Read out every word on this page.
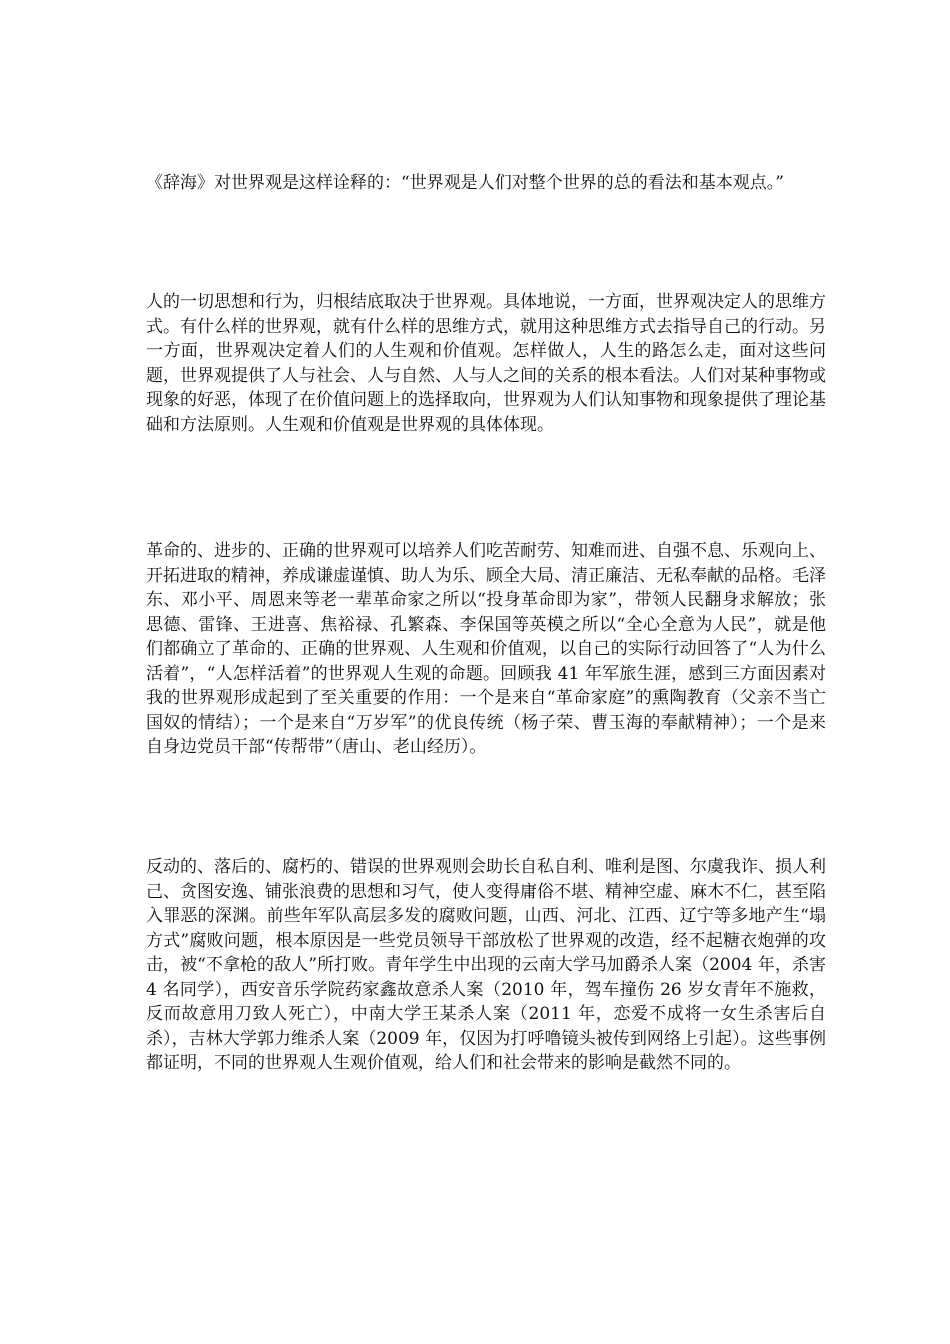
《辞海》对世界观是这样诠释的：“世界观是人们对整个世界的总的看法和基本观点。”

人的一切思想和行为，归根结底取决于世界观。具体地说，一方面，世界观决定人的思维方式。有什么样的世界观，就有什么样的思维方式，就用这种思维方式去指导自己的行动。另一方面，世界观决定着人们的人生观和价值观。怎样做人，人生的路怎么走，面对这些问题，世界观提供了人与社会、人与自然、人与人之间的关系的根本看法。人们对某种事物或现象的好恶，体现了在价值问题上的选择取向，世界观为人们认知事物和现象提供了理论基础和方法原则。人生观和价值观是世界观的具体体现。

革命的、进步的、正确的世界观可以培养人们吃苦耐劳、知难而进、自强不息、乐观向上、开拓进取的精神，养成谦虚谨慎、助人为乐、顾全大局、清正廉洁、无私奉献的品格。毛泽东、邓小平、周恩来等老一辈革命家之所以“投身革命即为家”，带领人民翻身求解放；张思德、雷锋、王进喜、焦裕禄、孔繁森、李保国等英模之所以“全心全意为人民”，就是他们都确立了革命的、正确的世界观、人生观和价值观，以自己的实际行动回答了“人为什么活着”，“人怎样活着”的世界观人生观的命题。回顾我 41 年军旅生涯，感到三方面因素对我的世界观形成起到了至关重要的作用：一个是来自“革命家庭”的熏陶教育（父亲不当亡国奴的情结）；一个是来自“万岁军”的优良传统（杨子荣、曹玉海的奉献精神）；一个是来自身边党员干部“传帮带”（唐山、老山经历）。

反动的、落后的、腐朽的、错误的世界观则会助长自私自利、唯利是图、尔虞我诈、损人利己、贪图安逸、铺张浪费的思想和习气，使人变得庸俗不堪、精神空虚、麻木不仁，甚至陷入罪恶的深渊。前些年军队高层多发的腐败问题，山西、河北、江西、辽宁等多地产生“塌方式”腐败问题，根本原因是一些党员领导干部放松了世界观的改造，经不起糖衣炮弹的攻击，被“不拿枪的敌人”所打败。青年学生中出现的云南大学马加爵杀人案（2004 年，杀害 4 名同学），西安音乐学院药家鑫故意杀人案（2010 年，驾车撞伤 26 岁女青年不施救，反而故意用刀致人死亡），中南大学王某杀人案（2011 年，恋爱不成将一女生杀害后自杀），吉林大学郭力维杀人案（2009 年，仅因为打呼噜镜头被传到网络上引起）。这些事例都证明，不同的世界观人生观价值观，给人们和社会带来的影响是截然不同的。
